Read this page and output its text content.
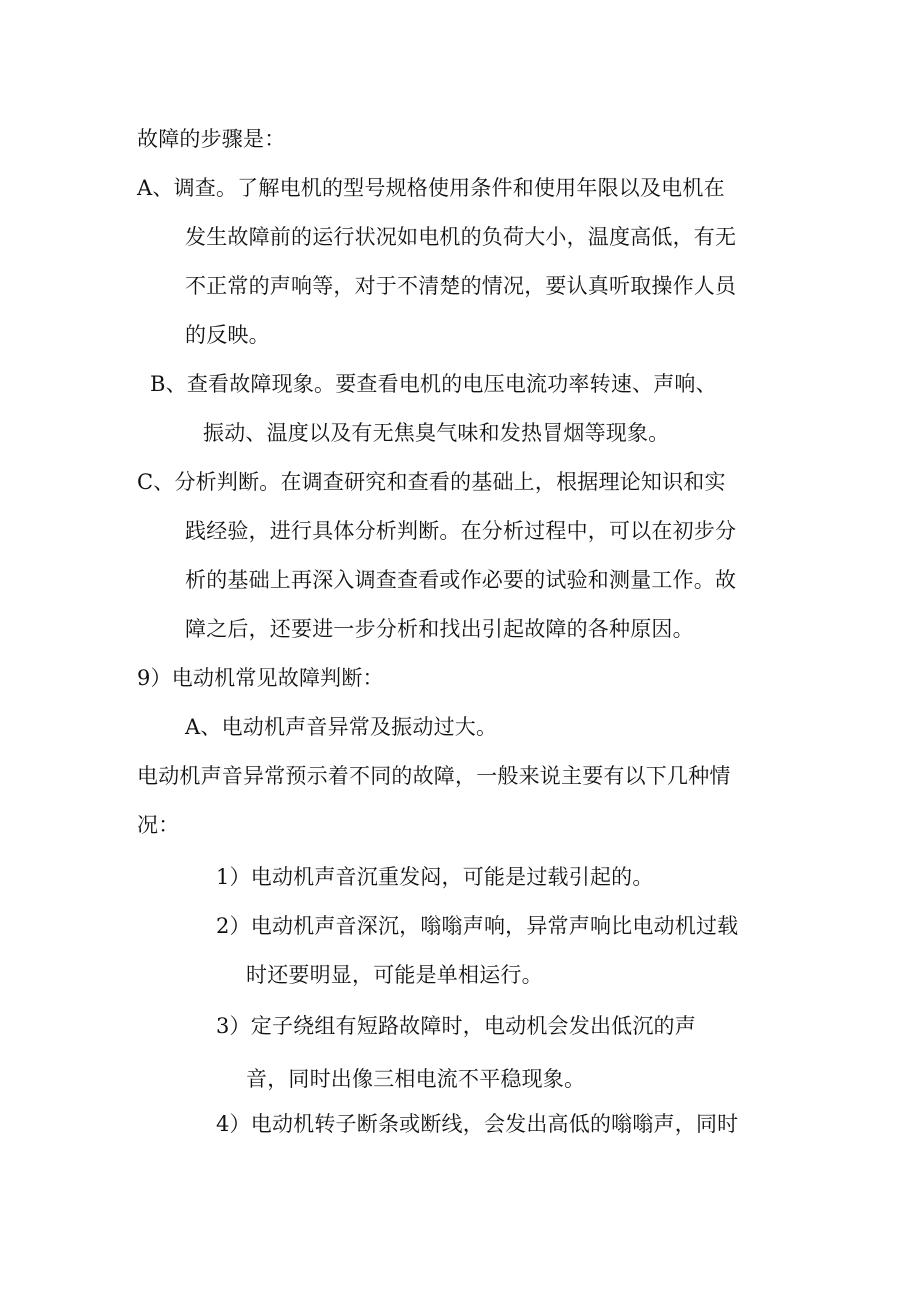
故障的步骤是：
A、调查。了解电机的型号规格使用条件和使用年限以及电机在
发生故障前的运行状况如电机的负荷大小，温度高低，有无
不正常的声响等，对于不清楚的情况，要认真听取操作人员
的反映。
B、查看故障现象。要查看电机的电压电流功率转速、声响、
振动、温度以及有无焦臭气味和发热冒烟等现象。
C、分析判断。在调查研究和查看的基础上，根据理论知识和实
践经验，进行具体分析判断。在分析过程中，可以在初步分
析的基础上再深入调查查看或作必要的试验和测量工作。故
障之后，还要进一步分析和找出引起故障的各种原因。
9）电动机常见故障判断：
A、电动机声音异常及振动过大。
电动机声音异常预示着不同的故障，一般来说主要有以下几种情
况：
1）电动机声音沉重发闷，可能是过载引起的。
2）电动机声音深沉，嗡嗡声响，异常声响比电动机过载
时还要明显，可能是单相运行。
3）定子绕组有短路故障时，电动机会发出低沉的声
音，同时出像三相电流不平稳现象。
4）电动机转子断条或断线，会发出高低的嗡嗡声，同时
